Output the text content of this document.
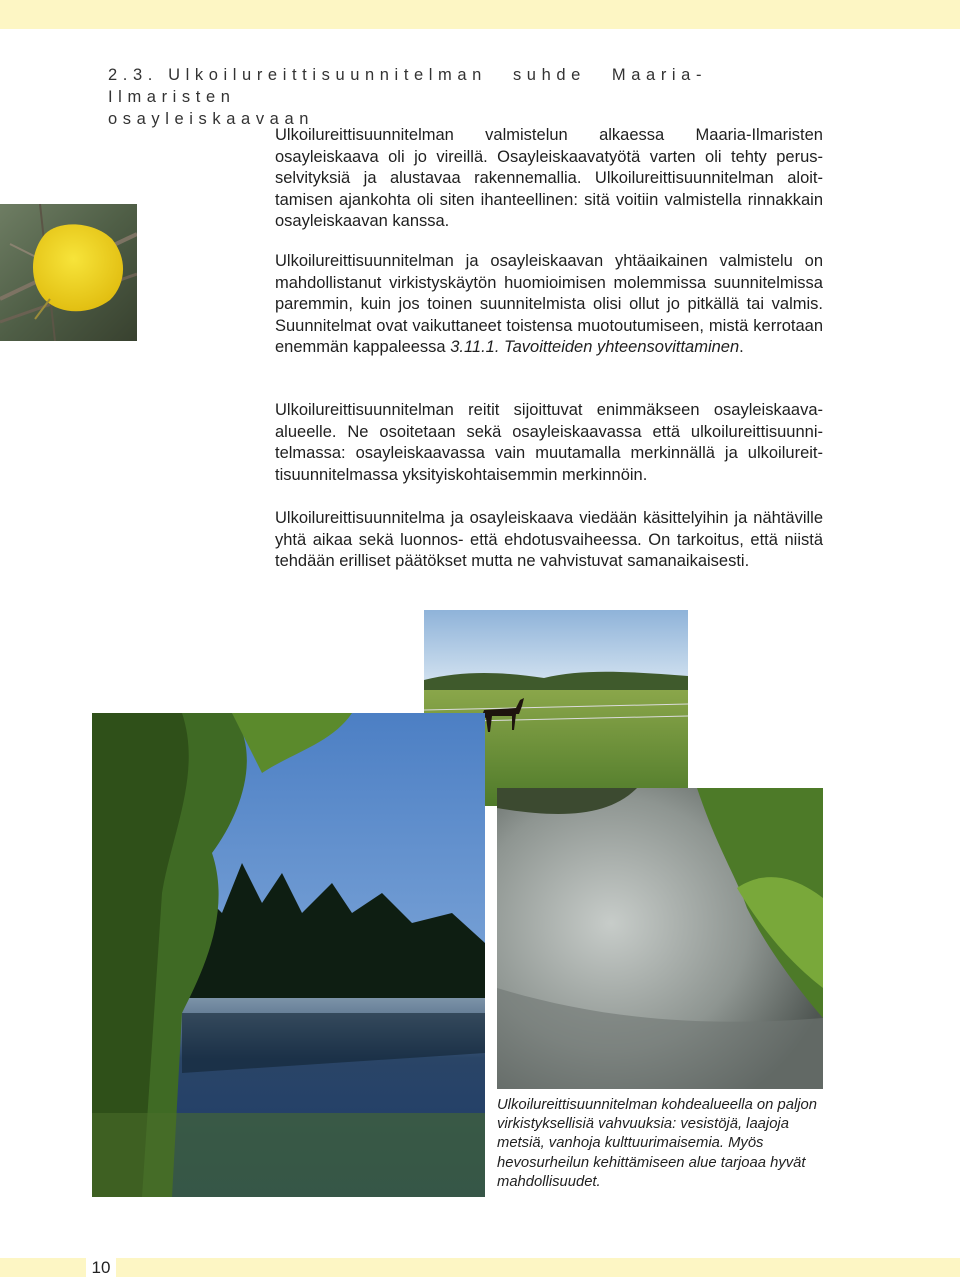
2.3. Ulkoilureittisuunnitelman suhde Maaria-Ilmaristen
osayleiskaavaan
Ulkoilureittisuunnitelman valmistelun alkaessa Maaria-Ilmaristen osayleiskaava oli jo vireillä. Osayleiskaavatyötä varten oli tehty perusselvityksiä ja alustavaa rakennemallia. Ulkoilureittisuunnitelman aloittamisen ajankohta oli siten ihanteellinen: sitä voitiin valmistella rinnakkain osayleiskaavan kanssa.
Ulkoilureittisuunnitelman ja osayleiskaavan yhtäaikainen valmistelu on mahdollistanut virkistyskäytön huomioimisen molemmissa suunnitelmissa paremmin, kuin jos toinen suunnitelmista olisi ollut jo pitkällä tai valmis. Suunnitelmat ovat vaikuttaneet toistensa muotoutumiseen, mistä kerrotaan enemmän kappaleessa 3.11.1. Tavoitteiden yhteensovittaminen.
Ulkoilureittisuunnitelman reitit sijoittuvat enimmäkseen osayleiskaava-alueelle. Ne osoitetaan sekä osayleiskaavassa että ulkoilureittisuunnitelmassa: osayleiskaavassa vain muutamalla merkinnällä ja ulkoilureittisuunnitelmassa yksityiskohtaisemmin merkinnöin.
Ulkoilureittisuunnitelma ja osayleiskaava viedään käsittelyihin ja nähtäville yhtä aikaa sekä luonnos- että ehdotusvaiheessa. On tarkoitus, että niistä tehdään erilliset päätökset mutta ne vahvistuvat samanaikaisesti.
Ulkoilureittisuunnitelman kohdealueella on paljon virkistyksellisiä vahvuuksia: vesistöjä, laajoja metsiä, vanhoja kulttuurimaisemia. Myös hevosurheilun kehittämiseen alue tarjoaa hyvät mahdollisuudet.
10
